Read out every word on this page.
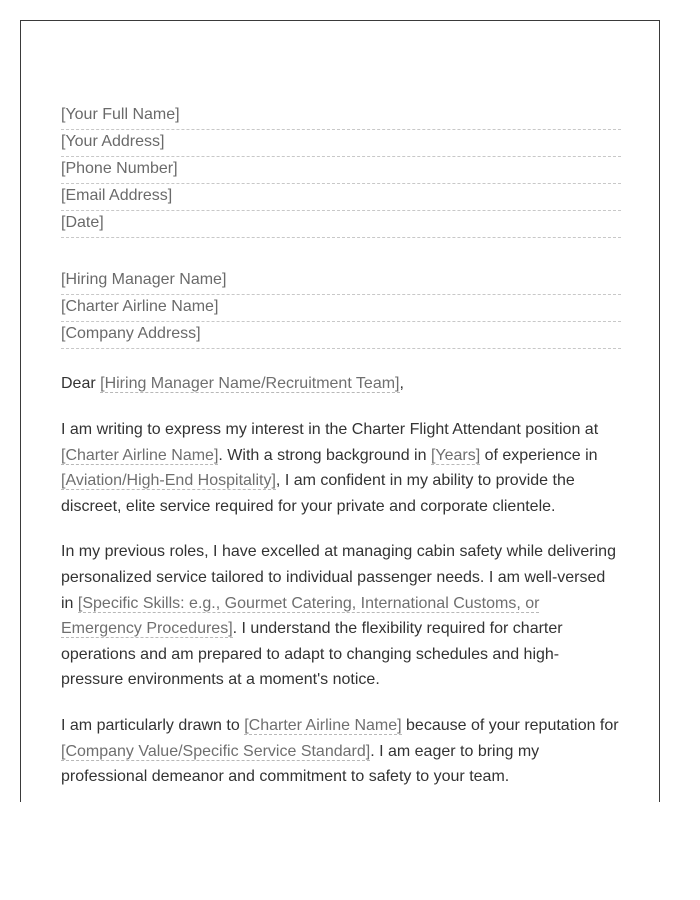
[Your Full Name]
[Your Address]
[Phone Number]
[Email Address]
[Date]
[Hiring Manager Name]
[Charter Airline Name]
[Company Address]
Dear [Hiring Manager Name/Recruitment Team],

I am writing to express my interest in the Charter Flight Attendant position at [Charter Airline Name]. With a strong background in [Years] of experience in [Aviation/High-End Hospitality], I am confident in my ability to provide the discreet, elite service required for your private and corporate clientele.

In my previous roles, I have excelled at managing cabin safety while delivering personalized service tailored to individual passenger needs. I am well-versed in [Specific Skills: e.g., Gourmet Catering, International Customs, or Emergency Procedures]. I understand the flexibility required for charter operations and am prepared to adapt to changing schedules and high-pressure environments at a moment's notice.

I am particularly drawn to [Charter Airline Name] because of your reputation for [Company Value/Specific Service Standard]. I am eager to bring my professional demeanor and commitment to safety to your team.
